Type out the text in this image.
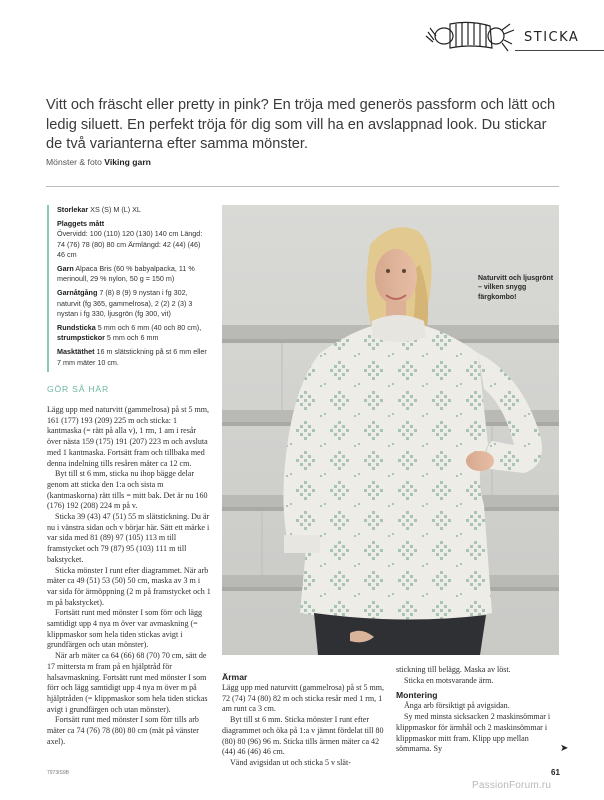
STICKA
Vitt och fräscht eller pretty in pink? En tröja med generös passform och lätt och ledig siluett. En perfekt tröja för dig som vill ha en avslappnad look. Du stickar de två varianterna efter samma mönster.
Mönster & foto Viking garn
Storlekar XS (S) M (L) XL
Plaggets mått
Övervidd: 100 (110) 120 (130) 140 cm Längd: 74 (76) 78 (80) 80 cm Ärmlängd: 42 (44) (46) 46 cm
Garn Alpaca Bris (60 % babyalpacka, 11 % merinoull, 29 % nylon, 50 g = 150 m)
Garnåtgång 7 (8) 8 (9) 9 nystan i fg 302, naturvit (fg 365, gammelrosa), 2 (2) 2 (3) 3 nystan i fg 330, ljusgrön (fg 300, vit)
Rundsticka 5 mm och 6 mm (40 och 80 cm), strumpstickor 5 mm och 6 mm
Masktäthet 16 m slätstickning på st 6 mm eller 7 mm mäter 10 cm.
GÖR SÅ HÄR

Lägg upp med naturvitt (gammelrosa) på st 5 mm, 161 (177) 193 (209) 225 m och sticka: 1 kantmaska (= rätt på alla v), 1 rm, 1 am i resår över nästa 159 (175) 191 (207) 223 m och avsluta med 1 kantmaska. Fortsätt fram och tillbaka med denna indelning tills resåren mäter ca 12 cm.

Byt till st 6 mm, sticka nu ihop bägge delar genom att sticka den 1:a och sista m (kantmaskorna) rätt tills = mitt bak. Det är nu 160 (176) 192 (208) 224 m på v.

Sticka 39 (43) 47 (51) 55 m slätstickning. Du är nu i vänstra sidan och v börjar här. Sätt ett märke i var sida med 81 (89) 97 (105) 113 m till framstycket och 79 (87) 95 (103) 111 m till bakstycket.

Sticka mönster I runt efter diagrammet. När arb mäter ca 49 (51) 53 (50) 50 cm, maska av 3 m i var sida för ärmöppning (2 m på framstycket och 1 m på bakstycket).

Fortsätt runt med mönster I som förr och lägg samtidigt upp 4 nya m över var avmaskning (= klippmaskor som hela tiden stickas avigt i grundfärgen och utan mönster).

När arb mäter ca 64 (66) 68 (70) 70 cm, sätt de 17 mittersta m fram på en hjälptråd för halsavmaskning. Fortsätt runt med mönster I som förr och lägg samtidigt upp 4 nya m över m på hjälptråden (= klippmaskor som hela tiden stickas avigt i grundfärgen och utan mönster).

Fortsätt runt med mönster I som förr tills arb mäter ca 74 (76) 78 (80) 80 cm (mät på vänster axel).

Naturvitt och ljusgrönt – vilken snygg färgkombo!

Ärmar

Lägg upp med naturvitt (gammelrosa) på st 5 mm, 72 (74) 74 (80) 82 m och sticka resår med 1 rm, 1 am runt ca 3 cm.

Byt till st 6 mm. Sticka mönster I runt efter diagrammet och öka på 1:a v jämnt fördelat till 80 (80) 80 (96) 96 m. Sticka tills ärmen mäter ca 42 (44) 46 (46) 46 cm.

Vänd avigsidan ut och sticka 5 v slät-

stickning till belägg. Maska av löst.

Sticka en motsvarande ärm.

Montering

Ånga arb försiktigt på avigsidan.

Sy med minsta sicksacken 2 maskinsömmar i klippmaskor för ärmhål och 2 maskinsömmar i klippmaskor mitt fram. Klipp upp mellan sömmarna. Sy	➤
7973IS9B	61
PassionForum.ru
